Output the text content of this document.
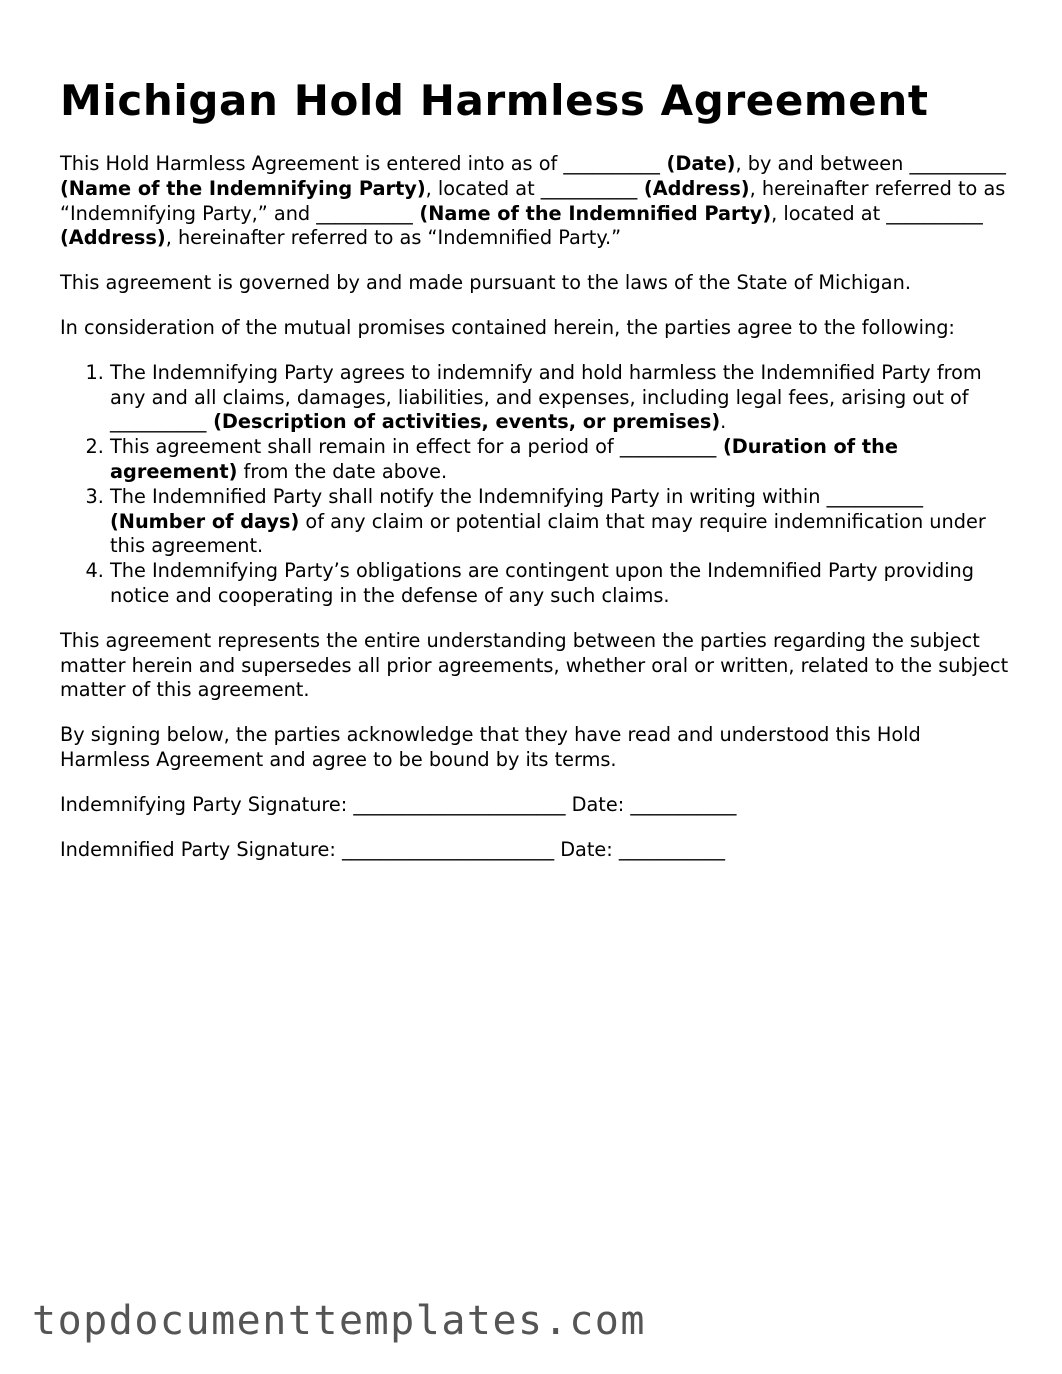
Michigan Hold Harmless Agreement

This Hold Harmless Agreement is entered into as of __________ (Date), by and between __________ (Name of the Indemnifying Party), located at __________ (Address), hereinafter referred to as “Indemnifying Party,” and __________ (Name of the Indemnified Party), located at __________ (Address), hereinafter referred to as “Indemnified Party.”

This agreement is governed by and made pursuant to the laws of the State of Michigan.

In consideration of the mutual promises contained herein, the parties agree to the following:

1. The Indemnifying Party agrees to indemnify and hold harmless the Indemnified Party from any and all claims, damages, liabilities, and expenses, including legal fees, arising out of __________ (Description of activities, events, or premises).
2. This agreement shall remain in effect for a period of __________ (Duration of the agreement) from the date above.
3. The Indemnified Party shall notify the Indemnifying Party in writing within __________ (Number of days) of any claim or potential claim that may require indemnification under this agreement.
4. The Indemnifying Party’s obligations are contingent upon the Indemnified Party providing notice and cooperating in the defense of any such claims.

This agreement represents the entire understanding between the parties regarding the subject matter herein and supersedes all prior agreements, whether oral or written, related to the subject matter of this agreement.

By signing below, the parties acknowledge that they have read and understood this Hold Harmless Agreement and agree to be bound by its terms.

Indemnifying Party Signature: ______________________ Date: ___________

Indemnified Party Signature: ______________________ Date: ___________

topdocumenttemplates.com
